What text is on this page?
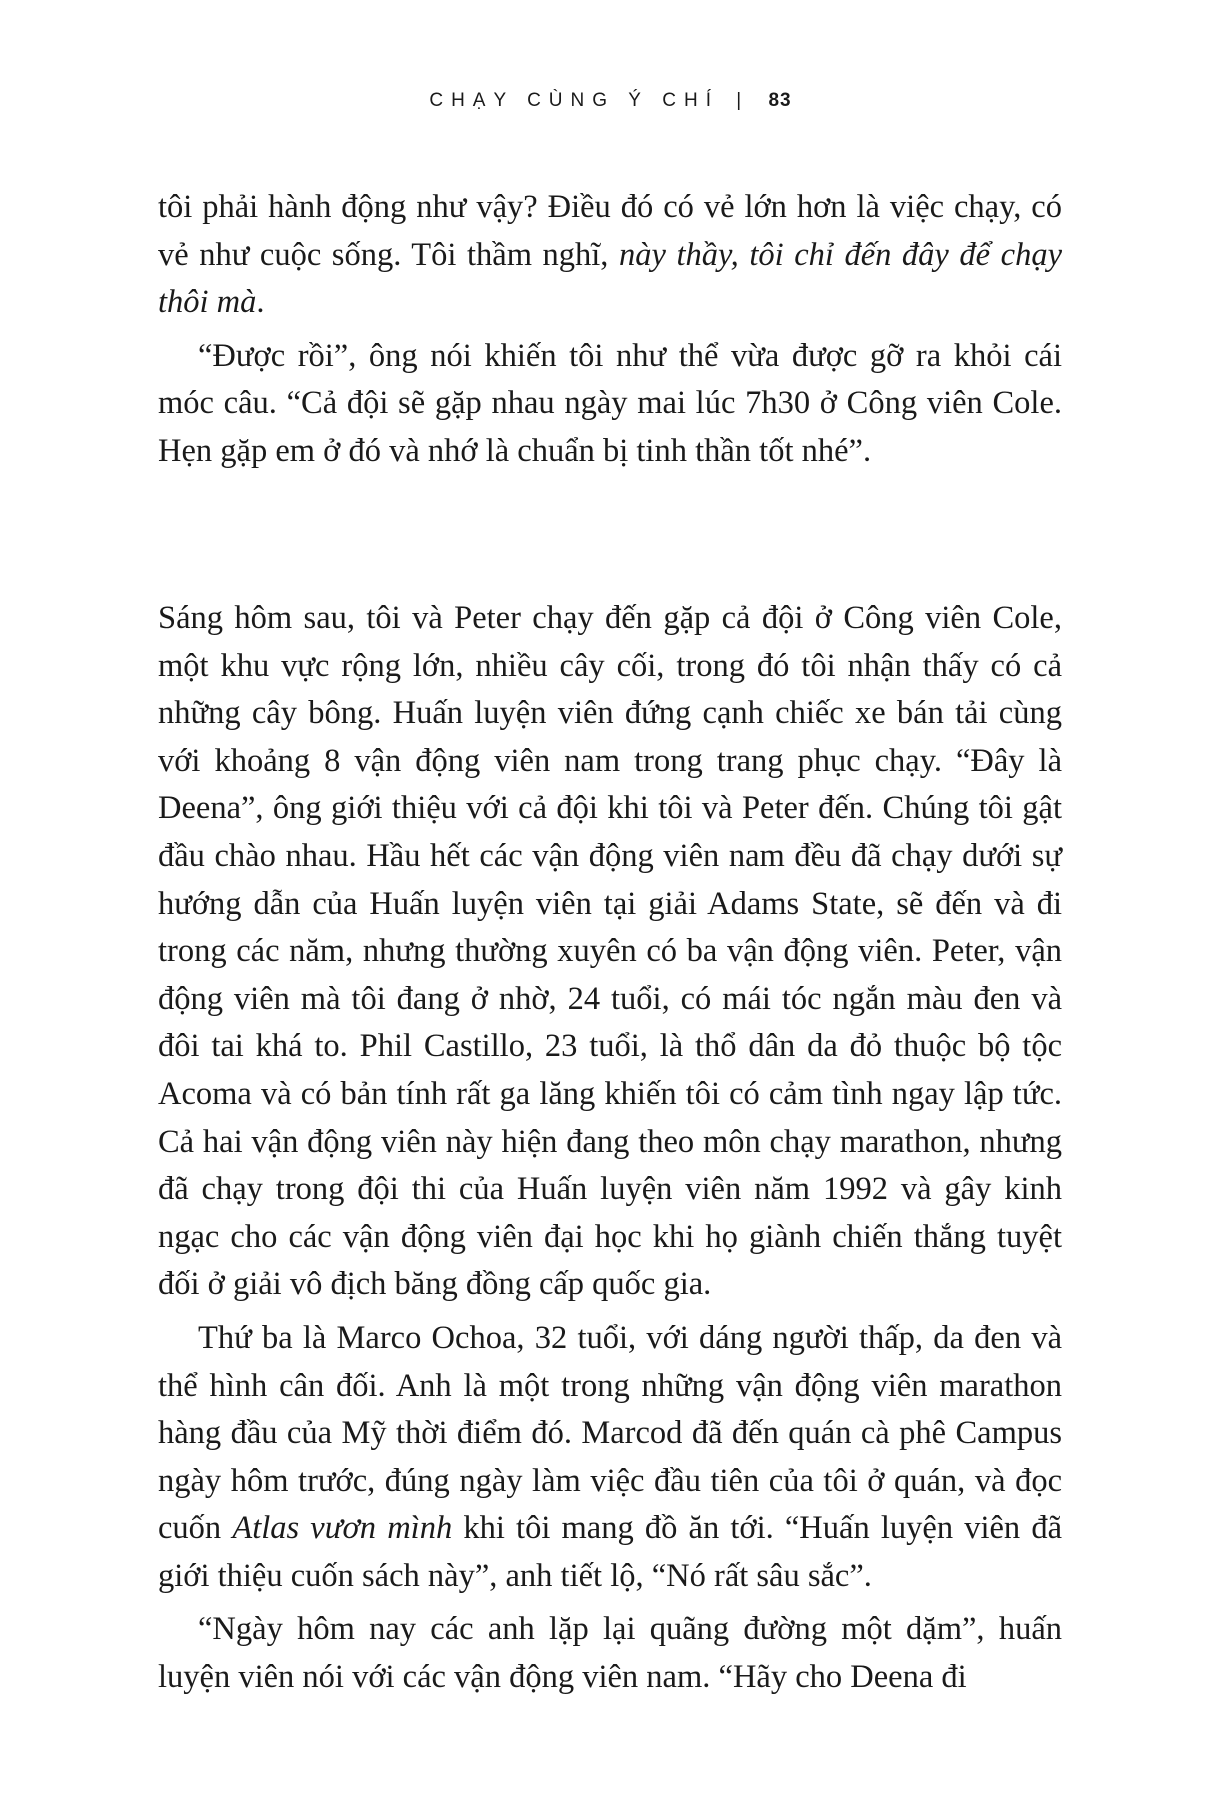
CHẠY CÙNG Ý CHÍ | 83

tôi phải hành động như vậy? Điều đó có vẻ lớn hơn là việc chạy, có vẻ như cuộc sống. Tôi thầm nghĩ, này thầy, tôi chỉ đến đây để chạy thôi mà.

“Được rồi”, ông nói khiến tôi như thể vừa được gỡ ra khỏi cái móc câu. “Cả đội sẽ gặp nhau ngày mai lúc 7h30 ở Công viên Cole. Hẹn gặp em ở đó và nhớ là chuẩn bị tinh thần tốt nhé”.

Sáng hôm sau, tôi và Peter chạy đến gặp cả đội ở Công viên Cole, một khu vực rộng lớn, nhiều cây cối, trong đó tôi nhận thấy có cả những cây bông. Huấn luyện viên đứng cạnh chiếc xe bán tải cùng với khoảng 8 vận động viên nam trong trang phục chạy. “Đây là Deena”, ông giới thiệu với cả đội khi tôi và Peter đến. Chúng tôi gật đầu chào nhau. Hầu hết các vận động viên nam đều đã chạy dưới sự hướng dẫn của Huấn luyện viên tại giải Adams State, sẽ đến và đi trong các năm, nhưng thường xuyên có ba vận động viên. Peter, vận động viên mà tôi đang ở nhờ, 24 tuổi, có mái tóc ngắn màu đen và đôi tai khá to. Phil Castillo, 23 tuổi, là thổ dân da đỏ thuộc bộ tộc Acoma và có bản tính rất ga lăng khiến tôi có cảm tình ngay lập tức. Cả hai vận động viên này hiện đang theo môn chạy marathon, nhưng đã chạy trong đội thi của Huấn luyện viên năm 1992 và gây kinh ngạc cho các vận động viên đại học khi họ giành chiến thắng tuyệt đối ở giải vô địch băng đồng cấp quốc gia.

Thứ ba là Marco Ochoa, 32 tuổi, với dáng người thấp, da đen và thể hình cân đối. Anh là một trong những vận động viên marathon hàng đầu của Mỹ thời điểm đó. Marcod đã đến quán cà phê Campus ngày hôm trước, đúng ngày làm việc đầu tiên của tôi ở quán, và đọc cuốn Atlas vươn mình khi tôi mang đồ ăn tới. “Huấn luyện viên đã giới thiệu cuốn sách này”, anh tiết lộ, “Nó rất sâu sắc”.

“Ngày hôm nay các anh lặp lại quãng đường một dặm”, huấn luyện viên nói với các vận động viên nam. “Hãy cho Deena đi
